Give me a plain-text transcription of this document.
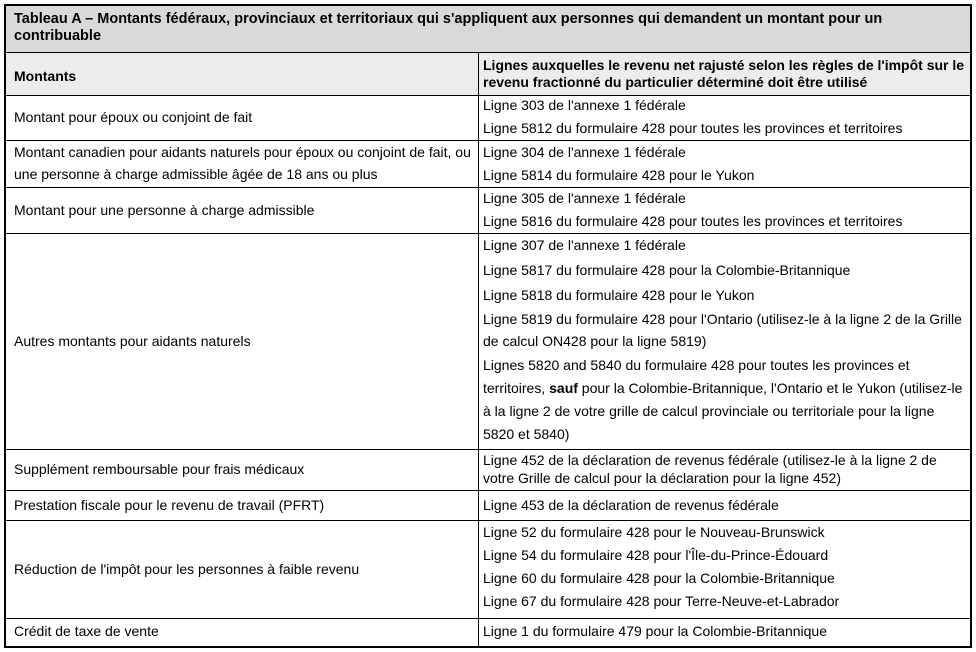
Tableau A – Montants fédéraux, provinciaux et territoriaux qui s'appliquent aux personnes qui demandent un montant pour un contribuable
Montants
Lignes auxquelles le revenu net rajusté selon les règles de l'impôt sur le revenu fractionné du particulier déterminé doit être utilisé
Montant pour époux ou conjoint de fait
Ligne 303 de l'annexe 1 fédérale
Ligne 5812 du formulaire 428 pour toutes les provinces et territoires
Montant canadien pour aidants naturels pour époux ou conjoint de fait, ou une personne à charge admissible âgée de 18 ans ou plus
Ligne 304 de l'annexe 1 fédérale
Ligne 5814 du formulaire 428 pour le Yukon
Montant pour une personne à charge admissible
Ligne 305 de l'annexe 1 fédérale
Ligne 5816 du formulaire 428 pour toutes les provinces et territoires
Autres montants pour aidants naturels
Ligne 307 de l'annexe 1 fédérale
Ligne 5817 du formulaire 428 pour la Colombie-Britannique
Ligne 5818 du formulaire 428 pour le Yukon
Ligne 5819 du formulaire 428 pour l'Ontario (utilisez-le à la ligne 2 de la Grille de calcul ON428 pour la ligne 5819)
Lignes 5820 and 5840 du formulaire 428 pour toutes les provinces et territoires, sauf pour la Colombie-Britannique, l'Ontario et le Yukon (utilisez-le à la ligne 2 de votre grille de calcul provinciale ou territoriale pour la ligne 5820 et 5840)
Supplément remboursable pour frais médicaux
Ligne 452 de la déclaration de revenus fédérale (utilisez-le à la ligne 2 de votre Grille de calcul pour la déclaration pour la ligne 452)
Prestation fiscale pour le revenu de travail (PFRT)	Ligne 453 de la déclaration de revenus fédérale
Réduction de l'impôt pour les personnes à faible revenu
Ligne 52 du formulaire 428 pour le Nouveau-Brunswick
Ligne 54 du formulaire 428 pour l'Île-du-Prince-Édouard
Ligne 60 du formulaire 428 pour la Colombie-Britannique
Ligne 67 du formulaire 428 pour Terre-Neuve-et-Labrador
Crédit de taxe de vente	Ligne 1 du formulaire 479 pour la Colombie-Britannique
